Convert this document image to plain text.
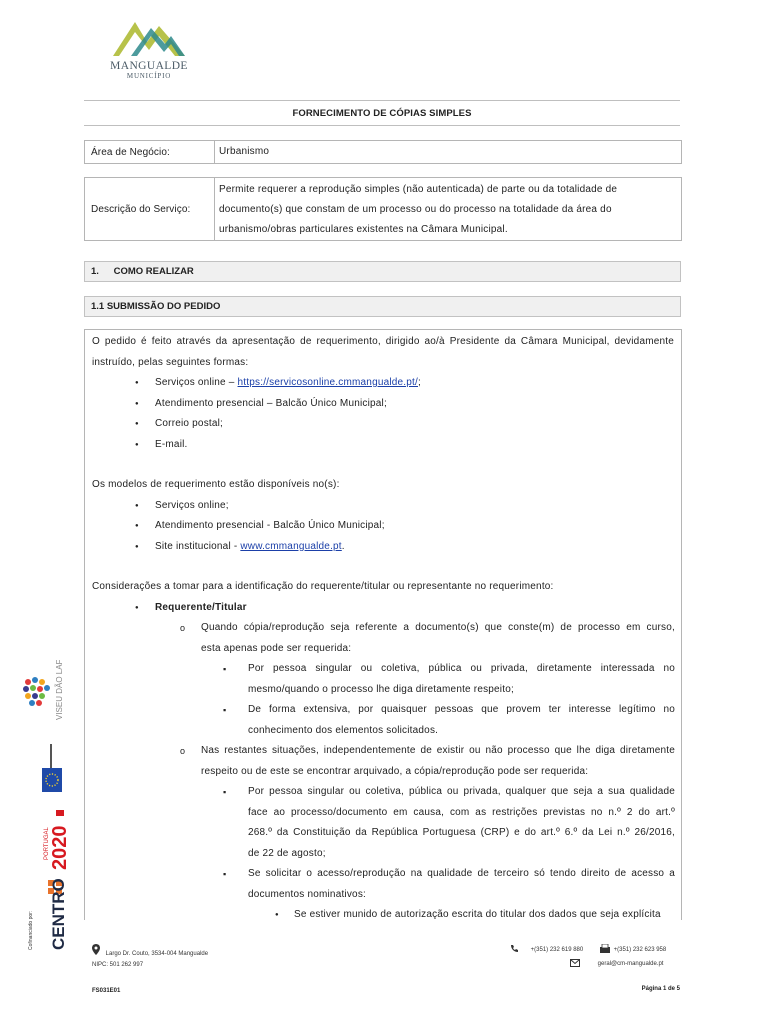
MANGUALDE
MUNICÍPIO
FORNECIMENTO DE CÓPIAS SIMPLES
Área de Negócio:	Urbanismo
Descrição do Serviço:
Permite requerer a reprodução simples (não autenticada) de parte ou da totalidade de
documento(s) que constam de um processo ou do processo na totalidade da área do
urbanismo/obras particulares existentes na Câmara Municipal.
1. COMO REALIZAR
1.1 SUBMISSÃO DO PEDIDO

O pedido é feito através da apresentação de requerimento, dirigido ao/à Presidente da Câmara Municipal, devidamente

instruído, pelas seguintes formas:

● Serviços online – https://servicosonline.cmmangualde.pt/;
● Atendimento presencial – Balcão Único Municipal;
● Correio postal;
● E-mail.

Os modelos de requerimento estão disponíveis no(s):

● Serviços online;
● Atendimento presencial - Balcão Único Municipal;
● Site institucional - www.cmmangualde.pt.

Considerações a tomar para a identificação do requerente/titular ou representante no requerimento:

● Requerente/Titular
o Quando cópia/reprodução seja referente a documento(s) que conste(m) de processo em curso,
esta apenas pode ser requerida:
▪ Por pessoa singular ou coletiva, pública ou privada, diretamente interessada no
mesmo/quando o processo lhe diga diretamente respeito;
▪ De forma extensiva, por quaisquer pessoas que provem ter interesse legítimo no
conhecimento dos elementos solicitados.
o Nas restantes situações, independentemente de existir ou não processo que lhe diga diretamente
respeito ou de este se encontrar arquivado, a cópia/reprodução pode ser requerida:
▪ Por pessoa singular ou coletiva, pública ou privada, qualquer que seja a sua qualidade
face ao processo/documento em causa, com as restrições previstas no n.º 2 do art.º
268.º da Constituição da República Portuguesa (CRP) e do art.º 6.º da Lei n.º 26/2016,
de 22 de agosto;
▪ Se solicitar o acesso/reprodução na qualidade de terceiro só tendo direito de acesso a
documentos nominativos:
● Se estiver munido de autorização escrita do titular dos dados que seja explícita
VISEU DÃO LAFÕES
2020
PORTUGAL
CENTRO
Cofinanciado por:
Largo Dr. Couto, 3534-004 Mangualde
NIPC: 501 262 997
+(351) 232 619 880	+(351) 232 623 958
geral@cm-mangualde.pt
FS031E01	Página 1 de 5
